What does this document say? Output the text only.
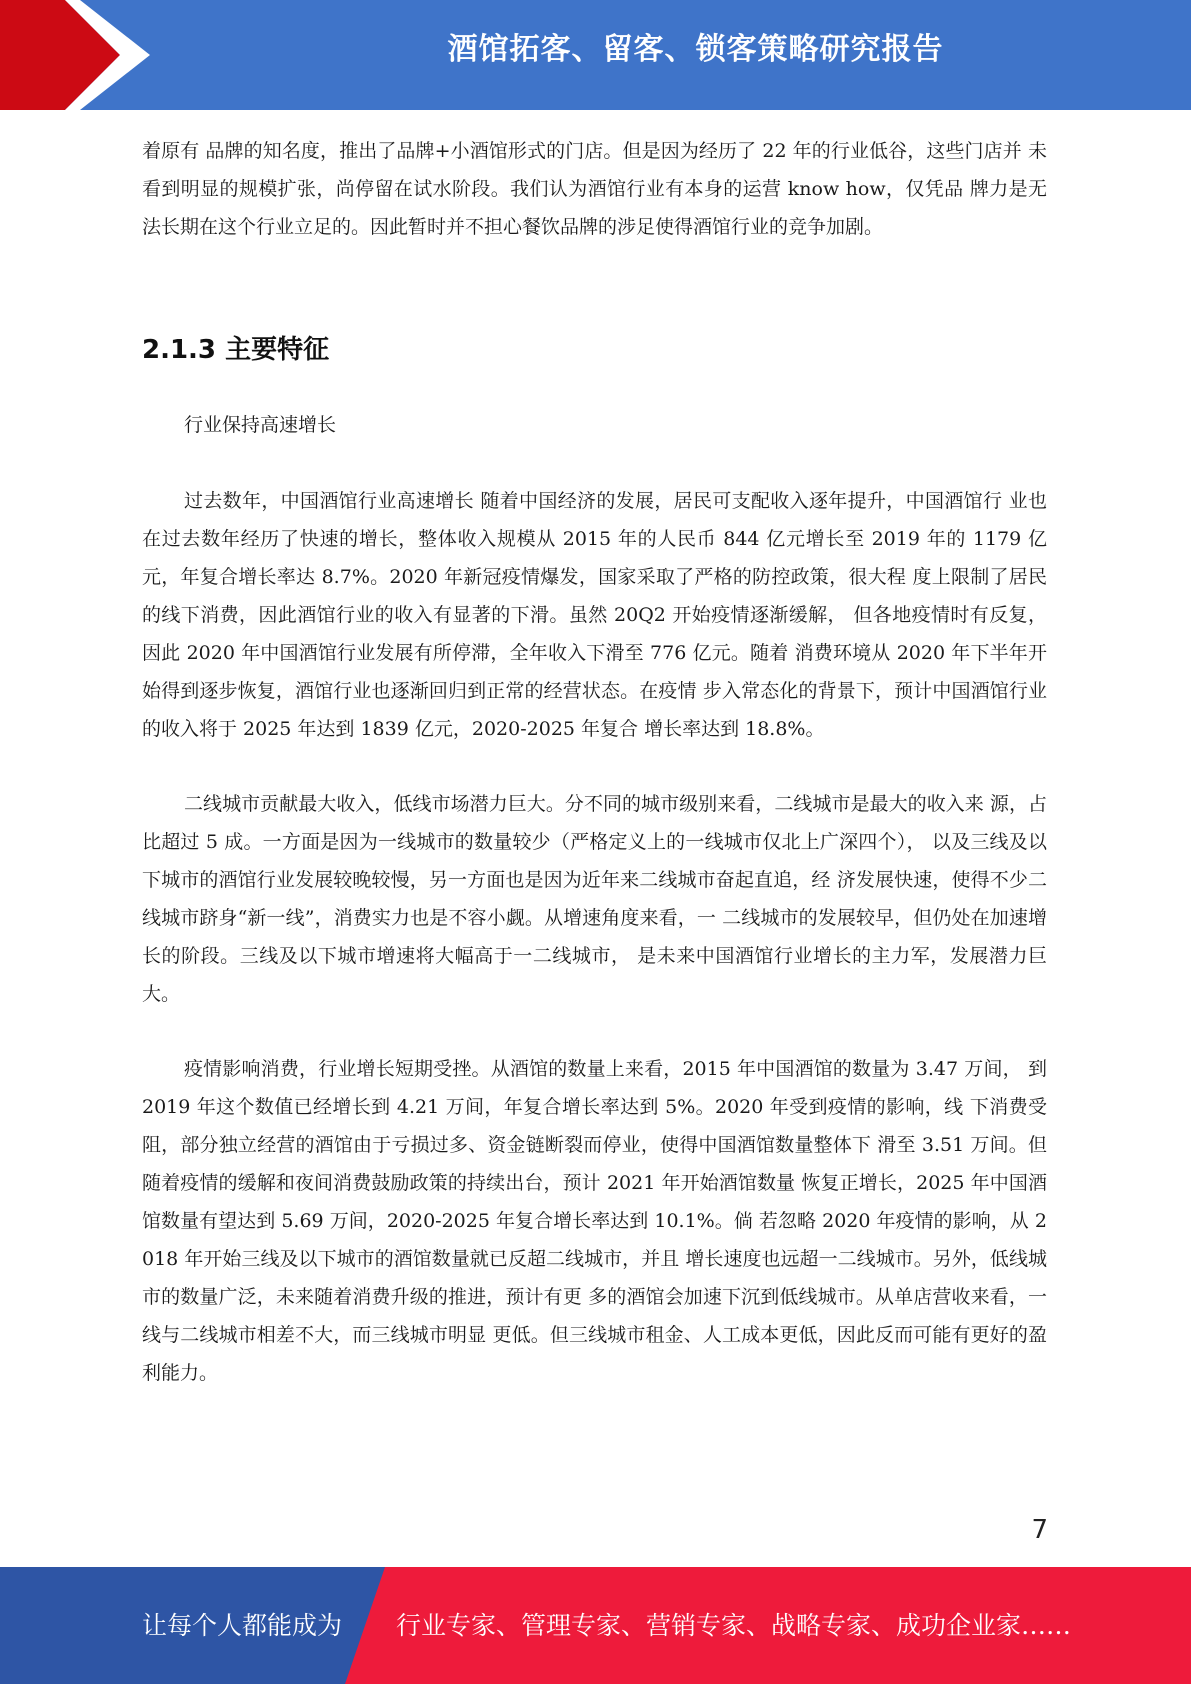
酒馆拓客、留客、锁客策略研究报告

着原有 品牌的知名度，推出了品牌+小酒馆形式的门店。但是因为经历了 22 年的行业低谷，这些门店并 未看到明显的规模扩张，尚停留在试水阶段。我们认为酒馆行业有本身的运营 know how，仅凭品 牌力是无法长期在这个行业立足的。因此暂时并不担心餐饮品牌的涉足使得酒馆行业的竞争加剧。

2.1.3 主要特征

行业保持高速增长

过去数年，中国酒馆行业高速增长 随着中国经济的发展，居民可支配收入逐年提升，中国酒馆行 业也在过去数年经历了快速的增长，整体收入规模从 2015 年的人民币 844 亿元增长至 2019 年的 1179 亿元，年复合增长率达 8.7%。2020 年新冠疫情爆发，国家采取了严格的防控政策，很大程 度上限制了居民的线下消费，因此酒馆行业的收入有显著的下滑。虽然 20Q2 开始疫情逐渐缓解， 但各地疫情时有反复，因此 2020 年中国酒馆行业发展有所停滞，全年收入下滑至 776 亿元。随着 消费环境从 2020 年下半年开始得到逐步恢复，酒馆行业也逐渐回归到正常的经营状态。在疫情 步入常态化的背景下，预计中国酒馆行业的收入将于 2025 年达到 1839 亿元，2020-2025 年复合 增长率达到 18.8%。

二线城市贡献最大收入，低线市场潜力巨大。分不同的城市级别来看，二线城市是最大的收入来 源，占比超过 5 成。一方面是因为一线城市的数量较少（严格定义上的一线城市仅北上广深四个）， 以及三线及以下城市的酒馆行业发展较晚较慢，另一方面也是因为近年来二线城市奋起直追，经 济发展快速，使得不少二线城市跻身“新一线”，消费实力也是不容小觑。从增速角度来看，一 二线城市的发展较早，但仍处在加速增长的阶段。三线及以下城市增速将大幅高于一二线城市， 是未来中国酒馆行业增长的主力军，发展潜力巨大。

疫情影响消费，行业增长短期受挫。从酒馆的数量上来看，2015 年中国酒馆的数量为 3.47 万间， 到 2019 年这个数值已经增长到 4.21 万间，年复合增长率达到 5%。2020 年受到疫情的影响，线 下消费受阻，部分独立经营的酒馆由于亏损过多、资金链断裂而停业，使得中国酒馆数量整体下 滑至 3.51 万间。但随着疫情的缓解和夜间消费鼓励政策的持续出台，预计 2021 年开始酒馆数量 恢复正增长，2025 年中国酒馆数量有望达到 5.69 万间，2020-2025 年复合增长率达到 10.1%。倘 若忽略 2020 年疫情的影响，从 2018 年开始三线及以下城市的酒馆数量就已反超二线城市，并且 增长速度也远超一二线城市。另外，低线城市的数量广泛，未来随着消费升级的推进，预计有更 多的酒馆会加速下沉到低线城市。从单店营收来看，一线与二线城市相差不大，而三线城市明显 更低。但三线城市租金、人工成本更低，因此反而可能有更好的盈利能力。

7
让每个人都能成为 行业专家、管理专家、营销专家、战略专家、成功企业家……
